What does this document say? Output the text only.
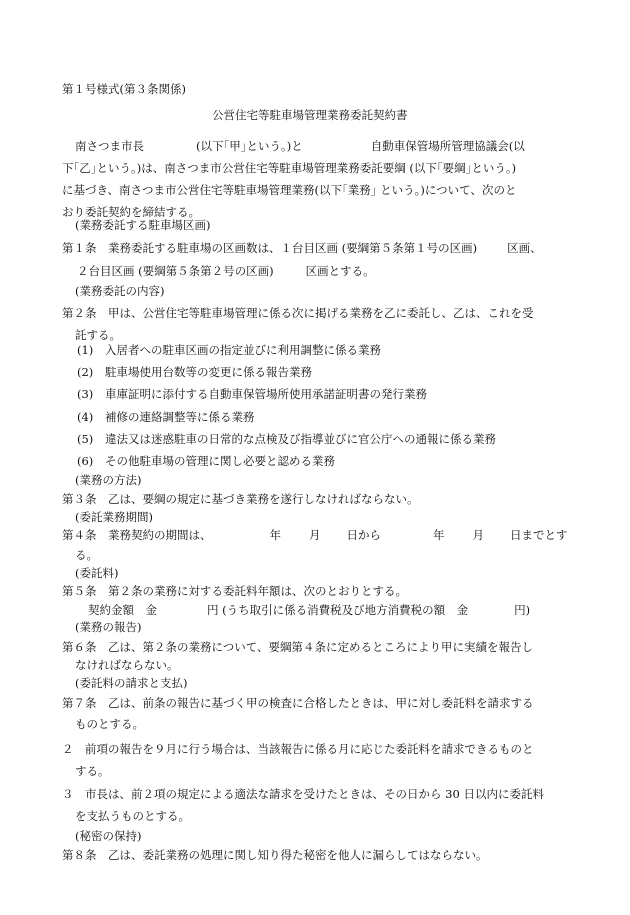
第１号様式(第３条関係)
公営住宅等駐車場管理業務委託契約書
南さつま市長	(以下｢甲｣という。)と	自動車保管場所管理協議会(以
下｢乙｣という。)は、南さつま市公営住宅等駐車場管理業務委託要綱 (以下｢要綱｣という。)
に基づき、南さつま市公営住宅等駐車場管理業務(以下｢業務｣ という。)について、次のと
おり委託契約を締結する。
(業務委託する駐車場区画)
第１条　業務委託する駐車場の区画数は、１台目区画 (要綱第５条第１号の区画)	区画、
２台目区画 (要綱第５条第２号の区画)	区画とする。
(業務委託の内容)
第２条　甲は、公営住宅等駐車場管理に係る次に掲げる業務を乙に委託し、乙は、これを受
託する。
(1) 入居者への駐車区画の指定並びに利用調整に係る業務
(2) 駐車場使用台数等の変更に係る報告業務
(3) 車庫証明に添付する自動車保管場所使用承諾証明書の発行業務
(4) 補修の連絡調整等に係る業務
(5) 違法又は迷惑駐車の日常的な点検及び指導並びに官公庁への通報に係る業務
(6) その他駐車場の管理に関し必要と認める業務
(業務の方法)
第３条　乙は、要綱の規定に基づき業務を遂行しなければならない。
(委託業務期間)
第４条　業務契約の期間は、	年 月 日から	年 月 日までとす
る。
(委託料)
第５条　第２条の業務に対する委託料年額は、次のとおりとする。
契約金額　金	円 (うち取引に係る消費税及び地方消費税の額　金	円)
(業務の報告)
第６条　乙は、第２条の業務について、要綱第４条に定めるところにより甲に実績を報告し
なければならない。
(委託料の請求と支払)
第７条　乙は、前条の報告に基づく甲の検査に合格したときは、甲に対し委託料を請求する
ものとする。
２　前項の報告を９月に行う場合は、当該報告に係る月に応じた委託料を請求できるものと
する。
３　市長は、前２項の規定による適法な請求を受けたときは、その日から 30 日以内に委託料
を支払うものとする。
(秘密の保持)
第８条　乙は、委託業務の処理に関し知り得た秘密を他人に漏らしてはならない。
